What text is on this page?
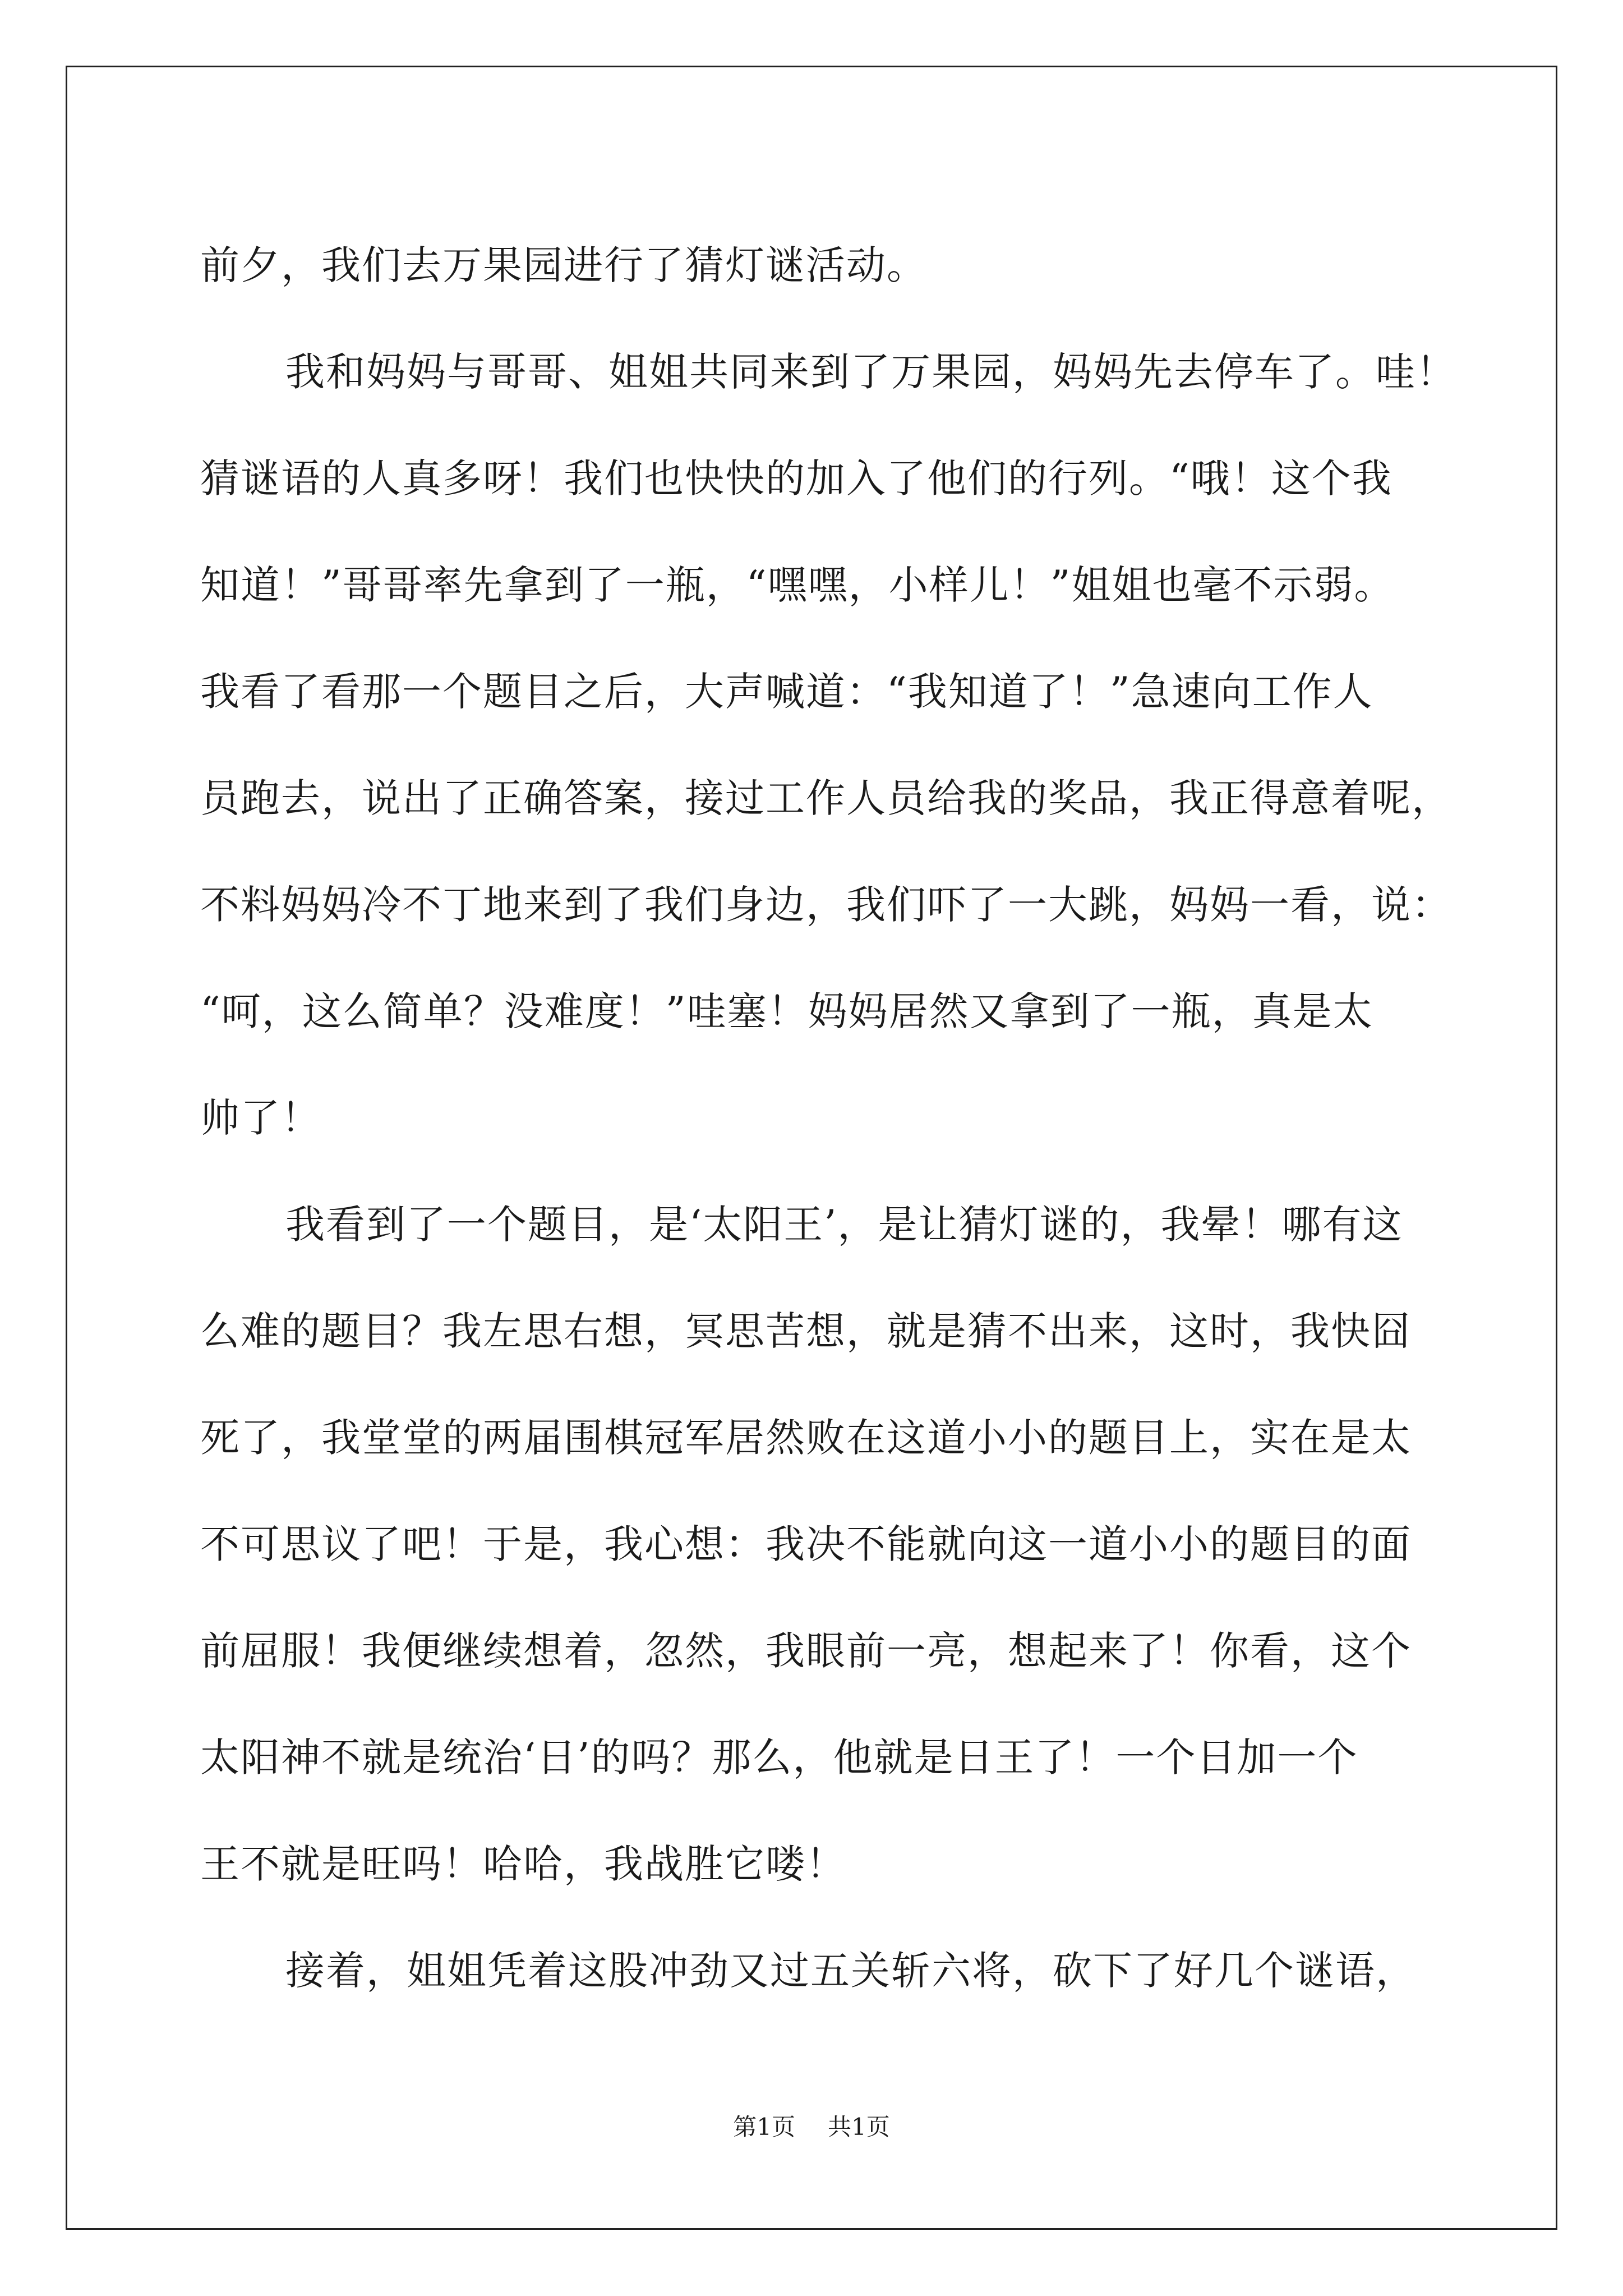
前夕，我们去万果园进行了猜灯谜活动。
我和妈妈与哥哥、姐姐共同来到了万果园，妈妈先去停车了。哇！
猜谜语的人真多呀！我们也快快的加入了他们的行列。“哦！这个我
知道！”哥哥率先拿到了一瓶，“嘿嘿，小样儿！”姐姐也毫不示弱。
我看了看那一个题目之后，大声喊道：“我知道了！”急速向工作人
员跑去，说出了正确答案，接过工作人员给我的奖品，我正得意着呢，
不料妈妈冷不丁地来到了我们身边，我们吓了一大跳，妈妈一看，说：
“呵，这么简单？没难度！”哇塞！妈妈居然又拿到了一瓶，真是太
帅了！
我看到了一个题目，是‘太阳王’，是让猜灯谜的，我晕！哪有这
么难的题目？我左思右想，冥思苦想，就是猜不出来，这时，我快囧
死了，我堂堂的两届围棋冠军居然败在这道小小的题目上，实在是太
不可思议了吧！于是，我心想：我决不能就向这一道小小的题目的面
前屈服！我便继续想着，忽然，我眼前一亮，想起来了！你看，这个
太阳神不就是统治‘日’的吗？那么，他就是日王了！一个日加一个
王不就是旺吗！哈哈，我战胜它喽！
接着，姐姐凭着这股冲劲又过五关斩六将，砍下了好几个谜语，
第1页 共1页
